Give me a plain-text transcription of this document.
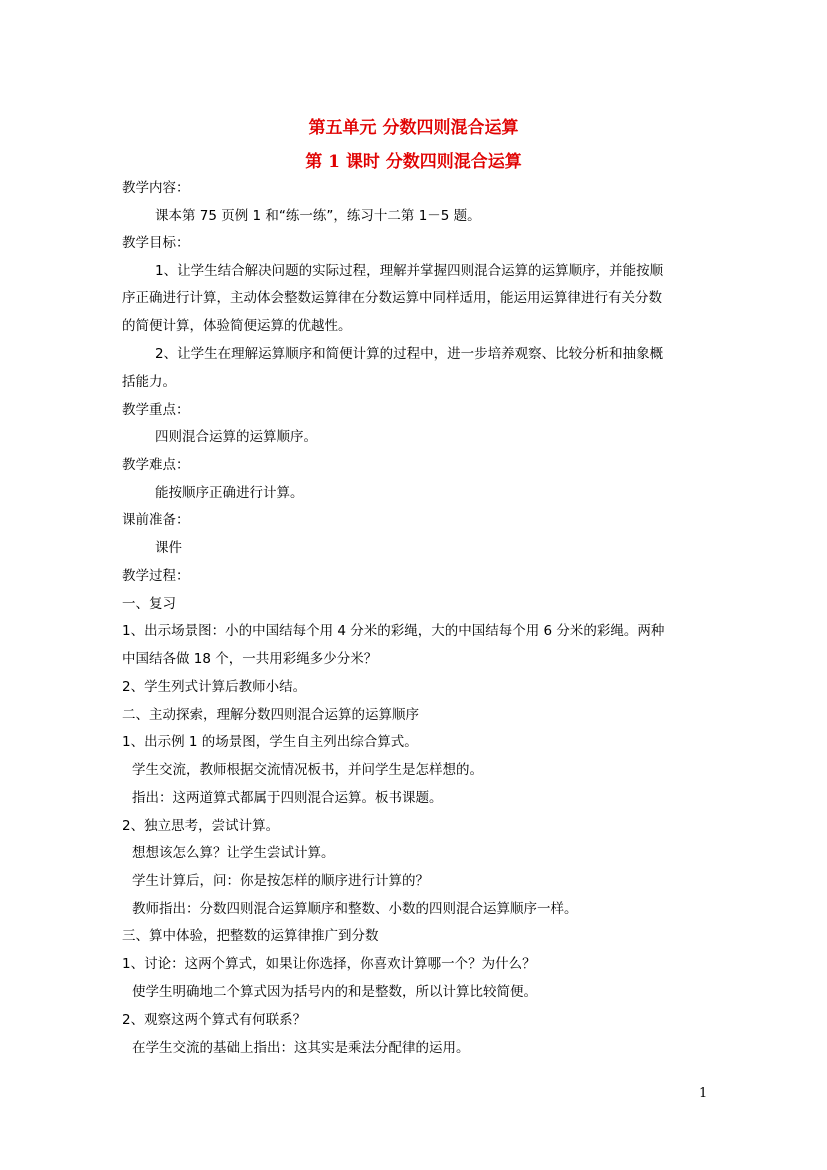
第五单元 分数四则混合运算
第 1 课时 分数四则混合运算
教学内容：
课本第 75 页例 1 和“练一练”，练习十二第 1－5 题。
教学目标：
1、让学生结合解决问题的实际过程，理解并掌握四则混合运算的运算顺序，并能按顺
序正确进行计算，主动体会整数运算律在分数运算中同样适用，能运用运算律进行有关分数
的简便计算，体验简便运算的优越性。
2、让学生在理解运算顺序和简便计算的过程中，进一步培养观察、比较分析和抽象概
括能力。
教学重点：
四则混合运算的运算顺序。
教学难点：
能按顺序正确进行计算。
课前准备：
课件
教学过程：
一、复习
1、出示场景图：小的中国结每个用 4 分米的彩绳，大的中国结每个用 6 分米的彩绳。两种
中国结各做 18 个，一共用彩绳多少分米？
2、学生列式计算后教师小结。
二、主动探索，理解分数四则混合运算的运算顺序
1、出示例 1 的场景图，学生自主列出综合算式。
学生交流，教师根据交流情况板书，并问学生是怎样想的。
指出：这两道算式都属于四则混合运算。板书课题。
2、独立思考，尝试计算。
想想该怎么算？让学生尝试计算。
学生计算后，问：你是按怎样的顺序进行计算的？
教师指出：分数四则混合运算顺序和整数、小数的四则混合运算顺序一样。
三、算中体验，把整数的运算律推广到分数
1、讨论：这两个算式，如果让你选择，你喜欢计算哪一个？为什么？
使学生明确地二个算式因为括号内的和是整数，所以计算比较简便。
2、观察这两个算式有何联系？
在学生交流的基础上指出：这其实是乘法分配律的运用。
1
